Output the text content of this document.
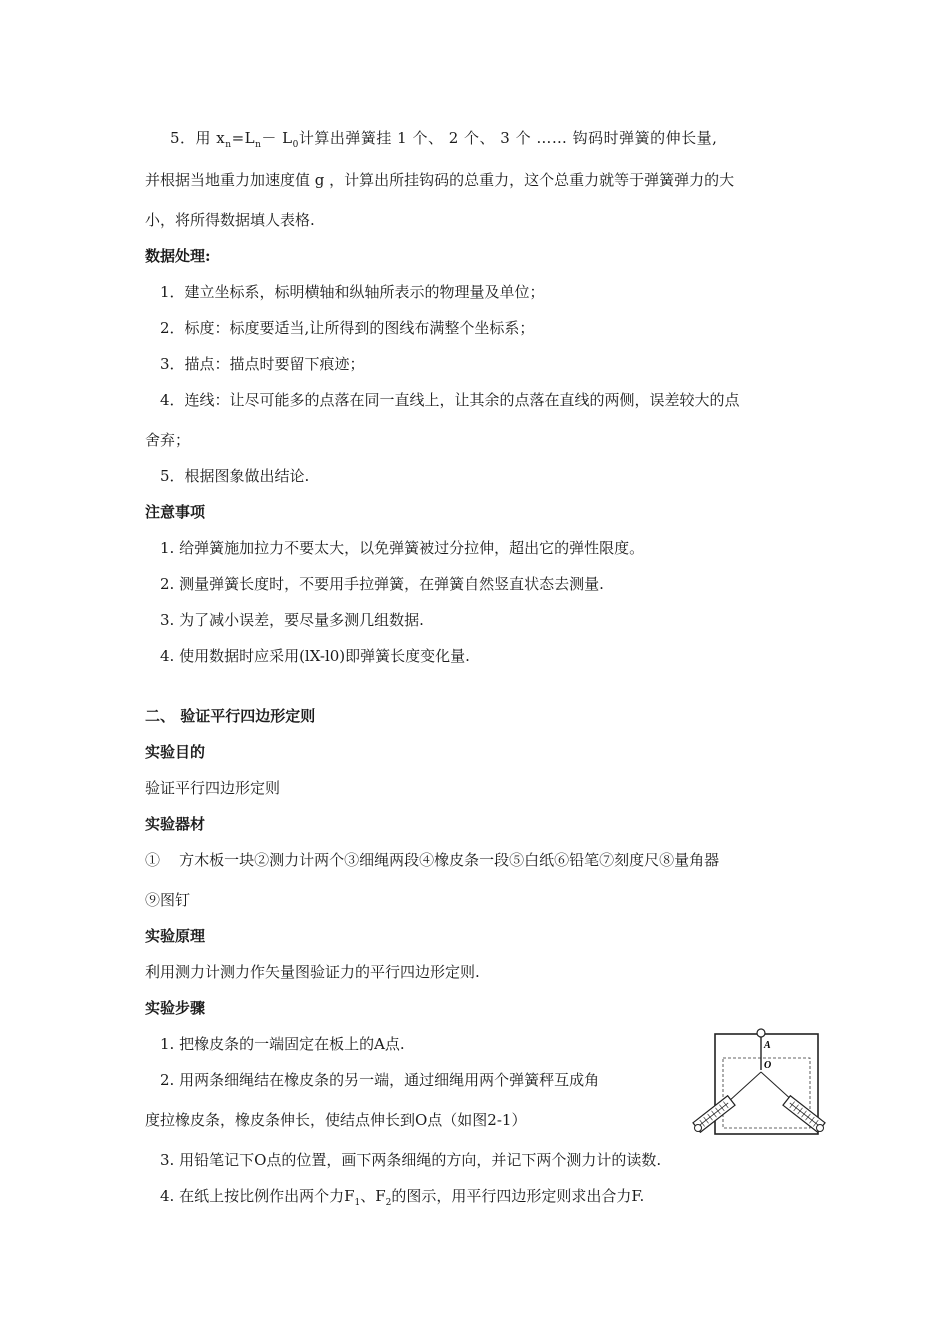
5．用 $x_n=L_n- L_0$计算出弹簧挂 1 个、 2 个、 3 个 …… 钩码时弹簧的伸长量,
并根据当地重力加速度值 g ，计算出所挂钩码的总重力，这个总重力就等于弹簧弹力的大
小，将所得数据填人表格.
数据处理:
1．建立坐标系，标明横轴和纵轴所表示的物理量及单位；
2．标度：标度要适当,让所得到的图线布满整个坐标系；
3．描点：描点时要留下痕迹；
4．连线：让尽可能多的点落在同一直线上，让其余的点落在直线的两侧，误差较大的点
舍弃；
5．根据图象做出结论.
注意事项
1. 给弹簧施加拉力不要太大，以免弹簧被过分拉伸，超出它的弹性限度。
2. 测量弹簧长度时，不要用手拉弹簧，在弹簧自然竖直状态去测量.
3. 为了减小误差，要尽量多测几组数据.
4. 使用数据时应采用(lX-l0)即弹簧长度变化量.
二、 验证平行四边形定则
实验目的
验证平行四边形定则
实验器材
①    方木板一块②测力计两个③细绳两段④橡皮条一段⑤白纸⑥铅笔⑦刻度尺⑧量角器
⑨图钉
实验原理
利用测力计测力作矢量图验证力的平行四边形定则.
实验步骤
1. 把橡皮条的一端固定在板上的A点.
2. 用两条细绳结在橡皮条的另一端，通过细绳用两个弹簧秤互成角
度拉橡皮条，橡皮条伸长，使结点伸长到O点（如图2-1）
3. 用铅笔记下O点的位置，画下两条细绳的方向，并记下两个测力计的读数.
4. 在纸上按比例作出两个力$F_1$、$F_2$的图示，用平行四边形定则求出合力F.
A
O
